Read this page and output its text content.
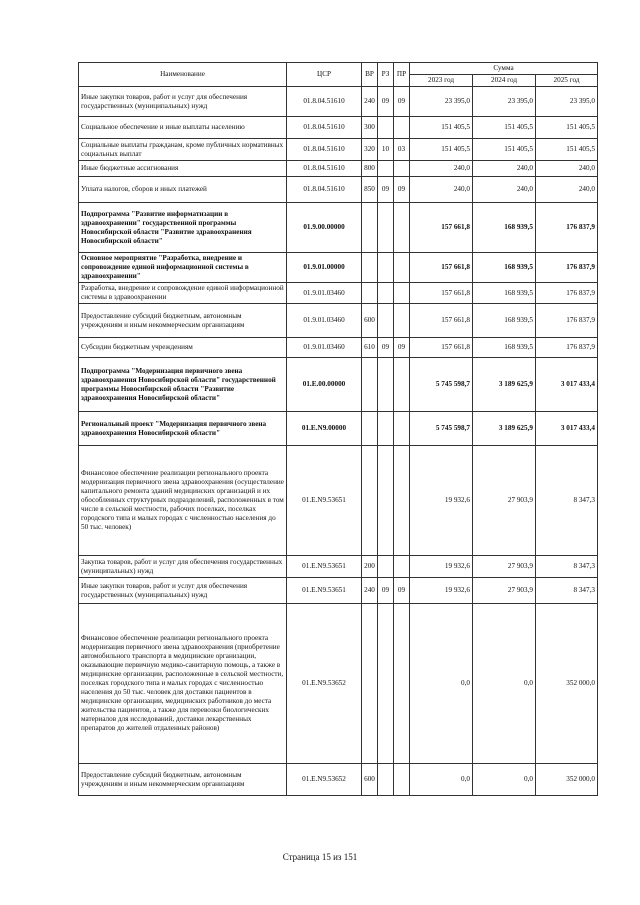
Наименование	ЦСР	ВР	РЗ	ПР	Сумма		
					2023 год	2024 год	2025 год
Иные закупки товаров, работ и услуг для обеспечения государственных (муниципальных) нужд	01.8.04.51610	240	09	09	23 395,0	23 395,0	23 395,0
Социальное обеспечение и иные выплаты населению	01.8.04.51610	300			151 405,5	151 405,5	151 405,5
Социальные выплаты гражданам, кроме публичных нормативных социальных выплат	01.8.04.51610	320	10	03	151 405,5	151 405,5	151 405,5
Иные бюджетные ассигнования	01.8.04.51610	800			240,0	240,0	240,0
Уплата налогов, сборов и иных платежей	01.8.04.51610	850	09	09	240,0	240,0	240,0
Подпрограмма "Развитие информатизации в здравоохранении" государственной программы Новосибирской области "Развитие здравоохранения Новосибирской области"	01.9.00.00000				157 661,8	168 939,5	176 837,9
Основное мероприятие "Разработка, внедрение и сопровождение единой информационной системы в здравоохранении"	01.9.01.00000				157 661,8	168 939,5	176 837,9
Разработка, внедрение и сопровождение единой информационной системы в здравоохранении	01.9.01.03460				157 661,8	168 939,5	176 837,9
Предоставление субсидий бюджетным, автономным учреждениям и иным некоммерческим организациям	01.9.01.03460	600			157 661,8	168 939,5	176 837,9
Субсидии бюджетным учреждениям	01.9.01.03460	610	09	09	157 661,8	168 939,5	176 837,9
Подпрограмма "Модернизация первичного звена здравоохранения Новосибирской области" государственной программы Новосибирской области "Развитие здравоохранения Новосибирской области"	01.E.00.00000				5 745 598,7	3 189 625,9	3 017 433,4
Региональный проект "Модернизация первичного звена здравоохранения Новосибирской области"	01.E.N9.00000				5 745 598,7	3 189 625,9	3 017 433,4
Финансовое обеспечение реализации регионального проекта модернизация первичного звена здравоохранения (осуществление капитального ремонта зданий медицинских организаций и их обособленных структурных подразделений, расположенных в том числе в сельской местности, рабочих поселках, поселках городского типа и малых городах с численностью населения до 50 тыс. человек)	01.E.N9.53651				19 932,6	27 903,9	8 347,3
Закупка товаров, работ и услуг для обеспечения государственных (муниципальных) нужд	01.E.N9.53651	200			19 932,6	27 903,9	8 347,3
Иные закупки товаров, работ и услуг для обеспечения государственных (муниципальных) нужд	01.E.N9.53651	240	09	09	19 932,6	27 903,9	8 347,3
Финансовое обеспечение реализации регионального проекта модернизация первичного звена здравоохранения (приобретение автомобильного транспорта в медицинские организации, оказывающие первичную медико-санитарную помощь, а также в медицинские организации, расположенные в сельской местности, поселках городского типа и малых городах с численностью населения до 50 тыс. человек для доставки пациентов в медицинские организации, медицинских работников до места жительства пациентов, а также для перевозки биологических материалов для исследований, доставки лекарственных препаратов до жителей отдаленных районов)	01.E.N9.53652				0,0	0,0	352 000,0
Предоставление субсидий бюджетным, автономным учреждениям и иным некоммерческим организациям	01.E.N9.53652	600			0,0	0,0	352 000,0
Страница 15 из 151
